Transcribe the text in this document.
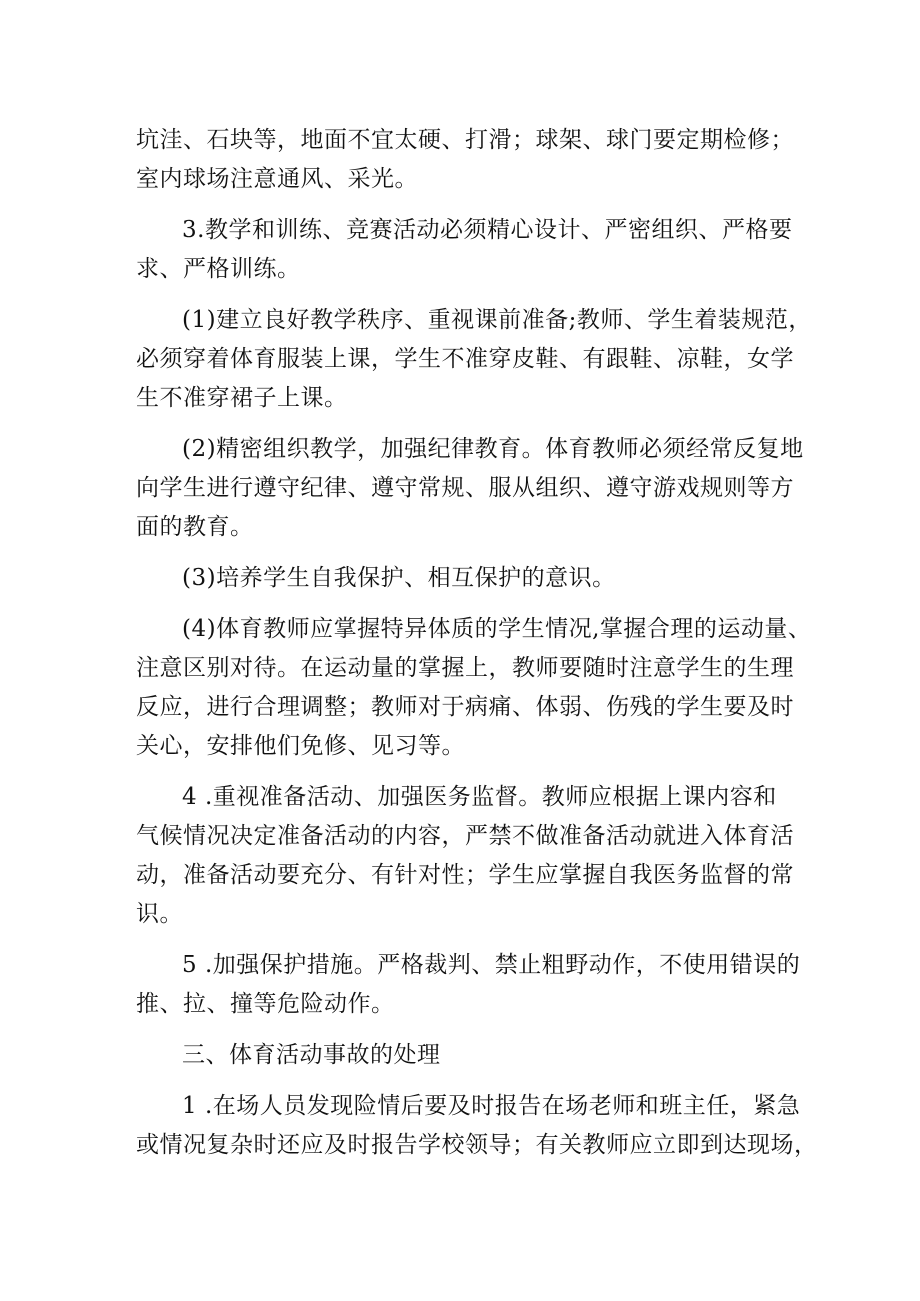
坑洼、石块等，地面不宜太硬、打滑；球架、球门要定期检修；
室内球场注意通风、采光。
3.教学和训练、竞赛活动必须精心设计、严密组织、严格要
求、严格训练。
(1)建立良好教学秩序、重视课前准备;教师、学生着装规范，
必须穿着体育服装上课，学生不准穿皮鞋、有跟鞋、凉鞋，女学
生不准穿裙子上课。
(2)精密组织教学，加强纪律教育。体育教师必须经常反复地
向学生进行遵守纪律、遵守常规、服从组织、遵守游戏规则等方
面的教育。
(3)培养学生自我保护、相互保护的意识。
(4)体育教师应掌握特异体质的学生情况,掌握合理的运动量、
注意区别对待。在运动量的掌握上，教师要随时注意学生的生理
反应，进行合理调整；教师对于病痛、体弱、伤残的学生要及时
关心，安排他们免修、见习等。
4 .重视准备活动、加强医务监督。教师应根据上课内容和
气候情况决定准备活动的内容，严禁不做准备活动就进入体育活
动，准备活动要充分、有针对性；学生应掌握自我医务监督的常
识。
5 .加强保护措施。严格裁判、禁止粗野动作，不使用错误的
推、拉、撞等危险动作。
三、体育活动事故的处理
1 .在场人员发现险情后要及时报告在场老师和班主任，紧急
或情况复杂时还应及时报告学校领导；有关教师应立即到达现场，
